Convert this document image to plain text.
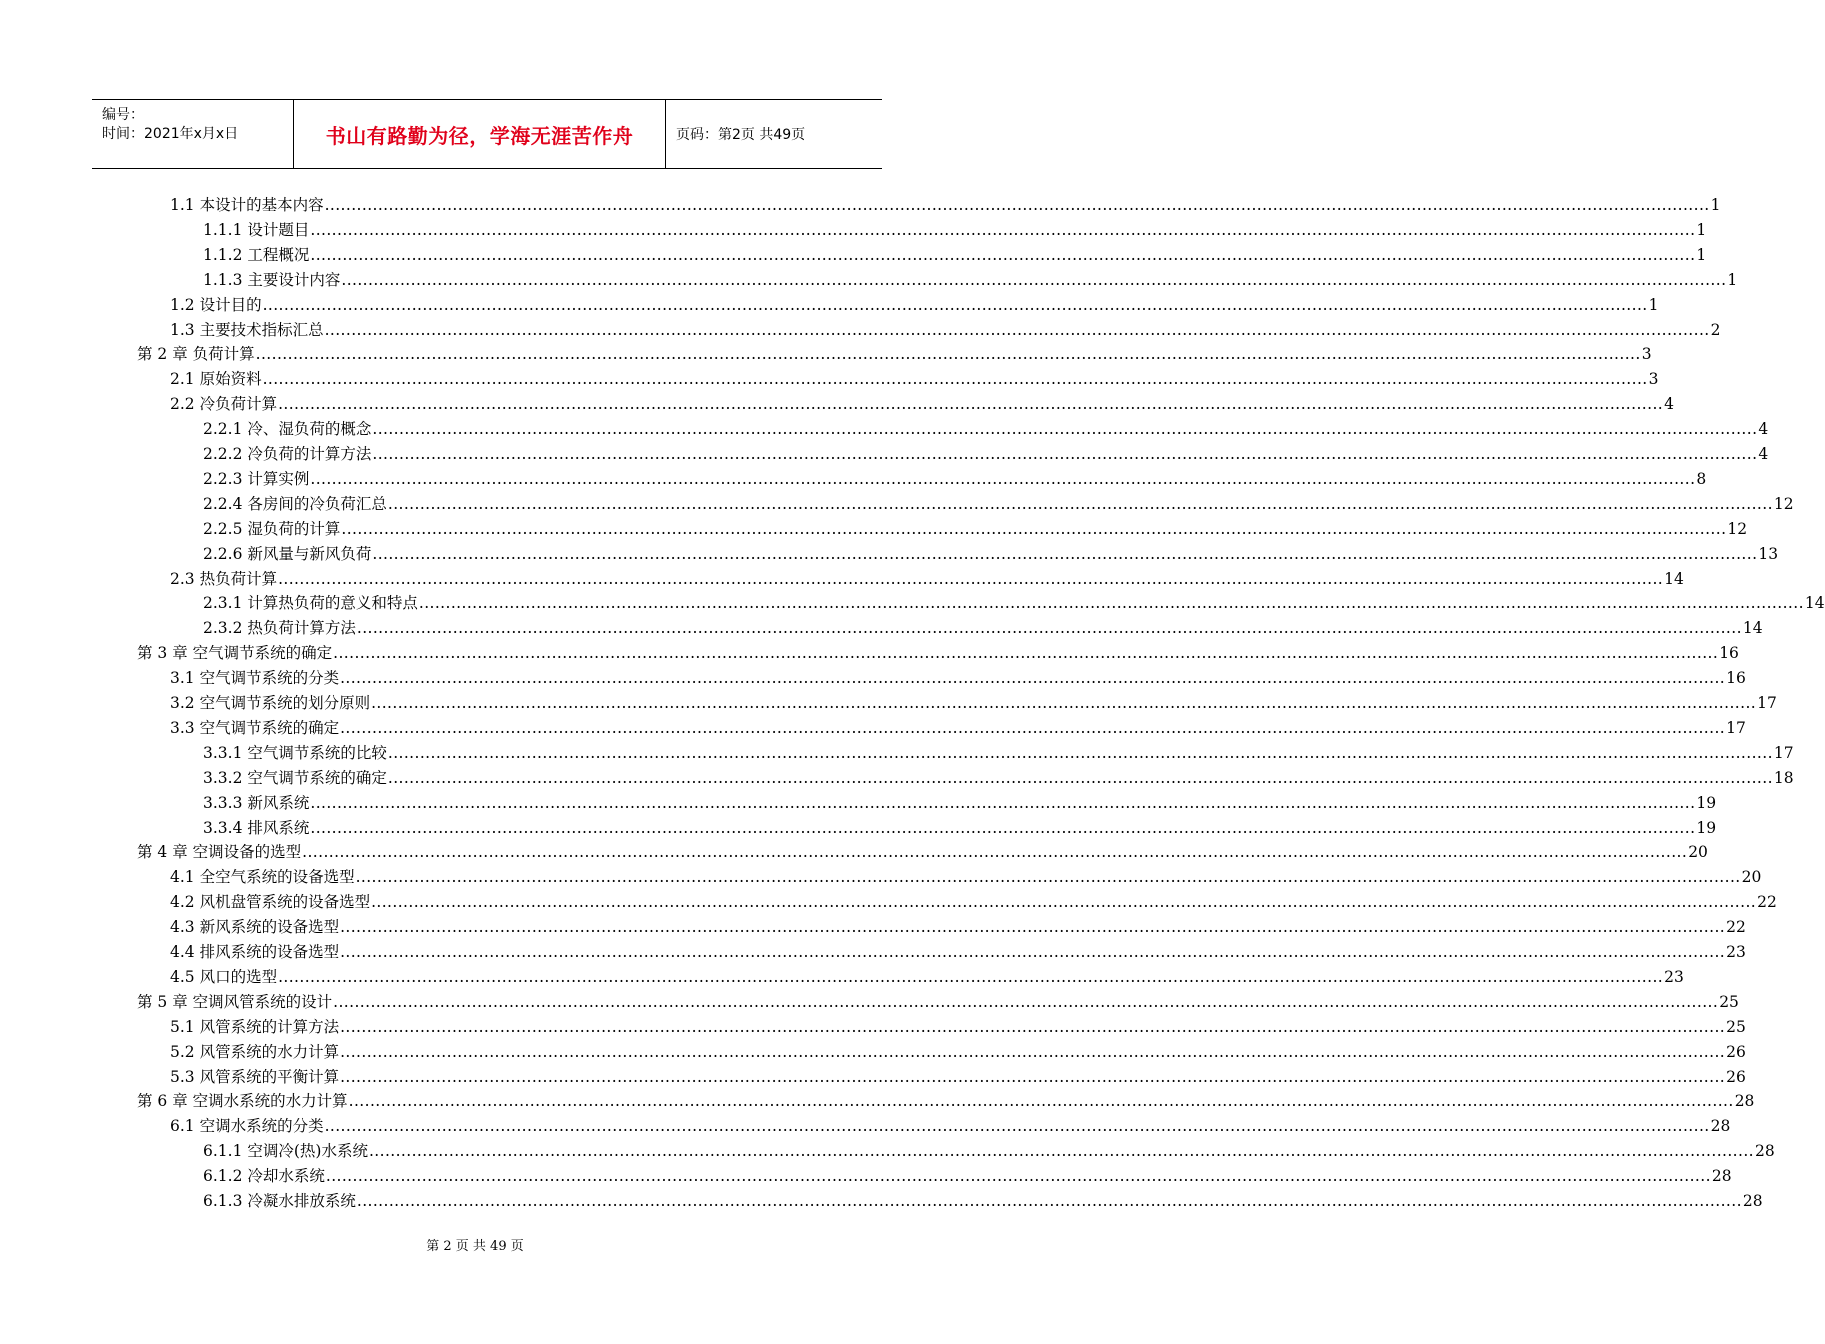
编号：
时间：2021年x月x日	书山有路勤为径，学海无涯苦作舟	页码：第2页 共49页
1.1 本设计的基本内容 .................................................................................................................................................................................................................................................................... 1
1.1.1 设计题目 .................................................................................................................................................................................................................................................................... 1
1.1.2 工程概况 .................................................................................................................................................................................................................................................................... 1
1.1.3 主要设计内容 .................................................................................................................................................................................................................................................................... 1
1.2 设计目的 .................................................................................................................................................................................................................................................................... 1
1.3 主要技术指标汇总 .................................................................................................................................................................................................................................................................... 2
第 2 章 负荷计算 .................................................................................................................................................................................................................................................................... 3
2.1 原始资料 .................................................................................................................................................................................................................................................................... 3
2.2 冷负荷计算 .................................................................................................................................................................................................................................................................... 4
2.2.1 冷、湿负荷的概念 .................................................................................................................................................................................................................................................................... 4
2.2.2 冷负荷的计算方法 .................................................................................................................................................................................................................................................................... 4
2.2.3 计算实例 .................................................................................................................................................................................................................................................................... 8
2.2.4 各房间的冷负荷汇总 .................................................................................................................................................................................................................................................................... 12
2.2.5 湿负荷的计算 .................................................................................................................................................................................................................................................................... 12
2.2.6 新风量与新风负荷 .................................................................................................................................................................................................................................................................... 13
2.3 热负荷计算 .................................................................................................................................................................................................................................................................... 14
2.3.1 计算热负荷的意义和特点 .................................................................................................................................................................................................................................................................... 14
2.3.2 热负荷计算方法 .................................................................................................................................................................................................................................................................... 14
第 3 章 空气调节系统的确定 .................................................................................................................................................................................................................................................................... 16
3.1 空气调节系统的分类 .................................................................................................................................................................................................................................................................... 16
3.2 空气调节系统的划分原则 .................................................................................................................................................................................................................................................................... 17
3.3 空气调节系统的确定 .................................................................................................................................................................................................................................................................... 17
3.3.1 空气调节系统的比较 .................................................................................................................................................................................................................................................................... 17
3.3.2 空气调节系统的确定 .................................................................................................................................................................................................................................................................... 18
3.3.3 新风系统 .................................................................................................................................................................................................................................................................... 19
3.3.4 排风系统 .................................................................................................................................................................................................................................................................... 19
第 4 章 空调设备的选型 .................................................................................................................................................................................................................................................................... 20
4.1 全空气系统的设备选型 .................................................................................................................................................................................................................................................................... 20
4.2 风机盘管系统的设备选型 .................................................................................................................................................................................................................................................................... 22
4.3 新风系统的设备选型 .................................................................................................................................................................................................................................................................... 22
4.4 排风系统的设备选型 .................................................................................................................................................................................................................................................................... 23
4.5 风口的选型 .................................................................................................................................................................................................................................................................... 23
第 5 章 空调风管系统的设计 .................................................................................................................................................................................................................................................................... 25
5.1 风管系统的计算方法 .................................................................................................................................................................................................................................................................... 25
5.2 风管系统的水力计算 .................................................................................................................................................................................................................................................................... 26
5.3 风管系统的平衡计算 .................................................................................................................................................................................................................................................................... 26
第 6 章 空调水系统的水力计算 .................................................................................................................................................................................................................................................................... 28
6.1 空调水系统的分类 .................................................................................................................................................................................................................................................................... 28
6.1.1 空调冷(热)水系统 .................................................................................................................................................................................................................................................................... 28
6.1.2 冷却水系统 .................................................................................................................................................................................................................................................................... 28
6.1.3 冷凝水排放系统 .................................................................................................................................................................................................................................................................... 28
第 2 页 共 49 页
